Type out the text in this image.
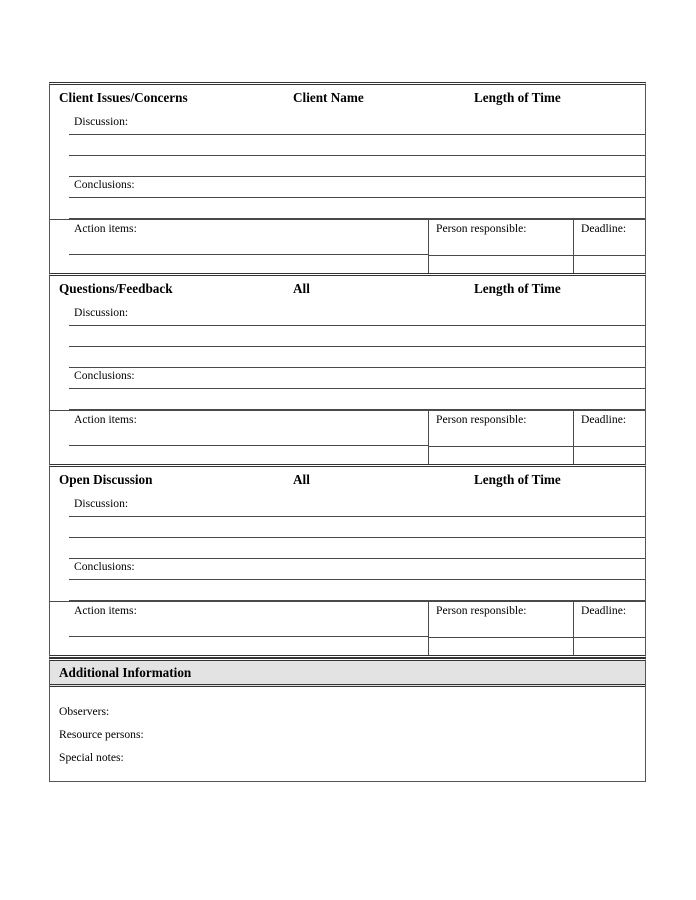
Client Issues/Concerns	Client Name	Length of Time
Discussion:
Conclusions:
Action items:	Person responsible:	Deadline:
Questions/Feedback	All	Length of Time
Discussion:
Conclusions:
Action items:	Person responsible:	Deadline:
Open Discussion	All	Length of Time
Discussion:
Conclusions:
Action items:	Person responsible:	Deadline:
Additional Information
Observers:
Resource persons:
Special notes:
